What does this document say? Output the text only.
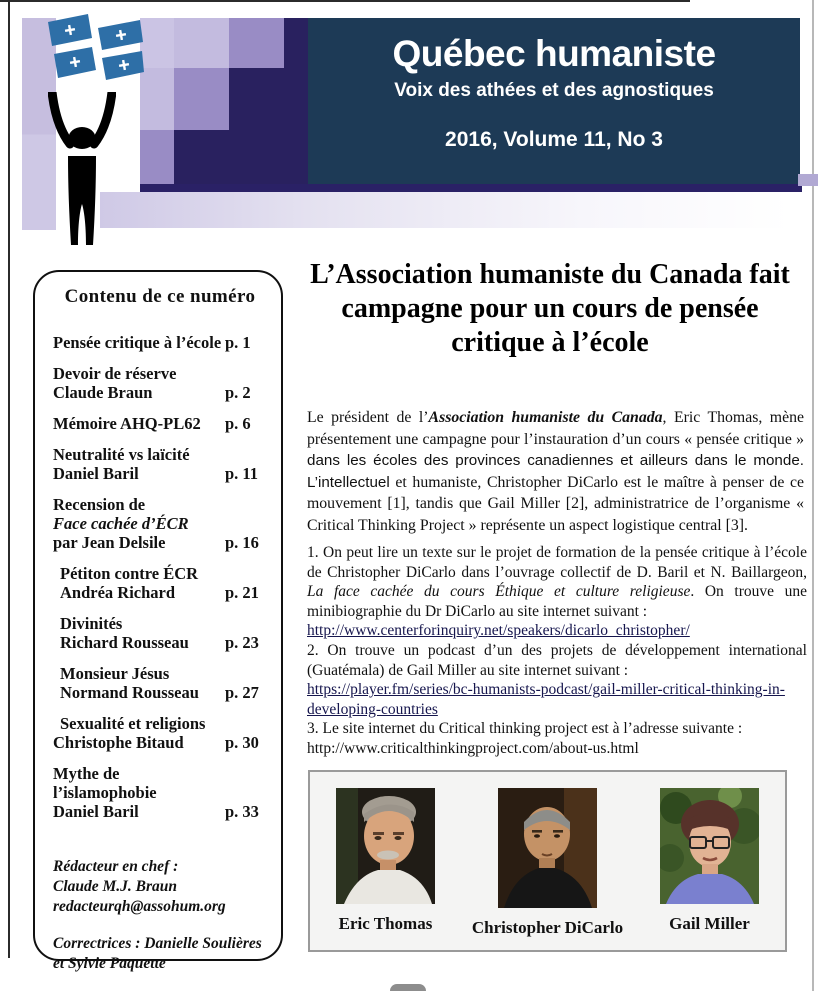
Québec humaniste
Voix des athées et des agnostiques
2016, Volume 11, No 3
Contenu de ce numéro
Pensée critique à l’école p. 1
Devoir de réserve
Claude Braun	p. 2
Mémoire AHQ-PL62	p. 6
Neutralité vs laïcité
Daniel Baril	p. 11
Recension de
Face cachée d’ÉCR
par Jean Delsile	p. 16
Pétiton contre ÉCR
Andréa Richard	p. 21
Divinités
Richard Rousseau	p. 23
Monsieur Jésus
Normand Rousseau	p. 27
Sexualité et religions
Christophe Bitaud	p. 30
Mythe de l’islamophobie
Daniel Baril	p. 33
Rédacteur en chef :
Claude M.J. Braun
redacteurqh@assohum.org
Correctrices : Danielle Soulières
et Sylvie Paquette
L’Association humaniste du Canada fait campagne pour un cours de pensée critique à l’école

Le président de l’Association humaniste du Canada, Eric Thomas, mène présentement une campagne pour l’instauration d’un cours « pensée critique » dans les écoles des provinces canadiennes et ailleurs dans le monde. L’intellectuel et humaniste, Christopher DiCarlo est le maître à penser de ce mouvement [1], tandis que Gail Miller [2], administratrice de l’organisme « Critical Thinking Project » représente un aspect logistique central [3].

1. On peut lire un texte sur le projet de formation de la pensée critique à l’école de Christopher DiCarlo dans l’ouvrage collectif de D. Baril et N. Baillargeon, La face cachée du cours Éthique et culture religieuse. On trouve une minibiographie du Dr DiCarlo au site internet suivant :

http://www.centerforinquiry.net/speakers/dicarlo_christopher/

2. On trouve un podcast d’un des projets de développement international (Guatémala) de Gail Miller au site internet suivant :

https://player.fm/series/bc-humanists-podcast/gail-miller-critical-thinking-in-developing-countries

3. Le site internet du Critical thinking project est à l’adresse suivante :

http://www.criticalthinkingproject.com/about-us.html
Eric Thomas Christopher DiCarlo	Gail Miller
